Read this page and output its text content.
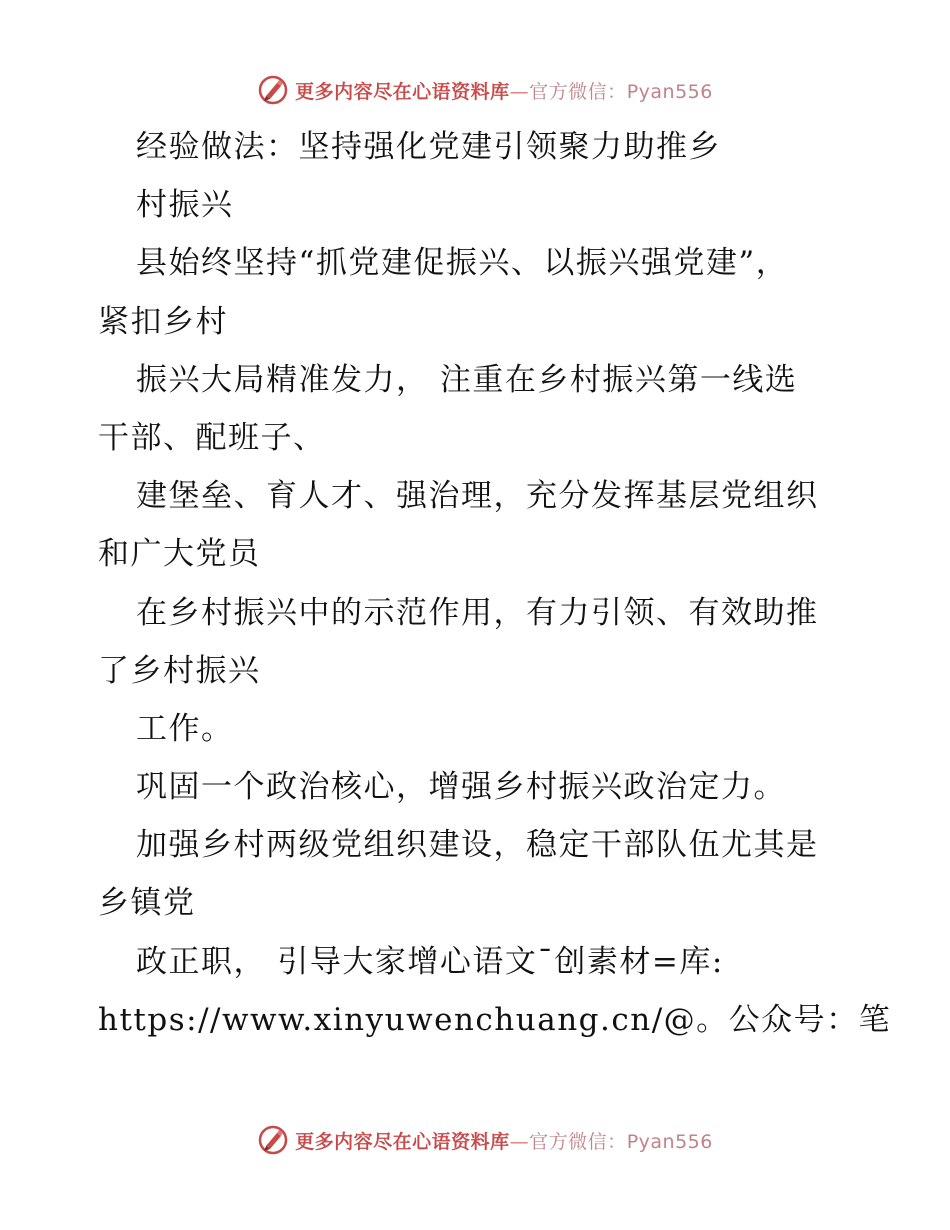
更多内容尽在心语资料库—官方微信：Pyan556
经验做法：坚持强化党建引领聚力助推乡
村振兴
县始终坚持“抓党建促振兴、以振兴强党建”，
紧扣乡村
振兴大局精准发力， 注重在乡村振兴第一线选
干部、配班子、
建堡垒、育人才、强治理，充分发挥基层党组织
和广大党员
在乡村振兴中的示范作用，有力引领、有效助推
了乡村振兴
工作。
巩固一个政治核心，增强乡村振兴政治定力。
加强乡村两级党组织建设，稳定干部队伍尤其是
乡镇党
政正职， 引导大家增心语文¯创素材=库:
https://www.xinyuwenchuang.cn/@。公众号：笔
更多内容尽在心语资料库—官方微信：Pyan556
